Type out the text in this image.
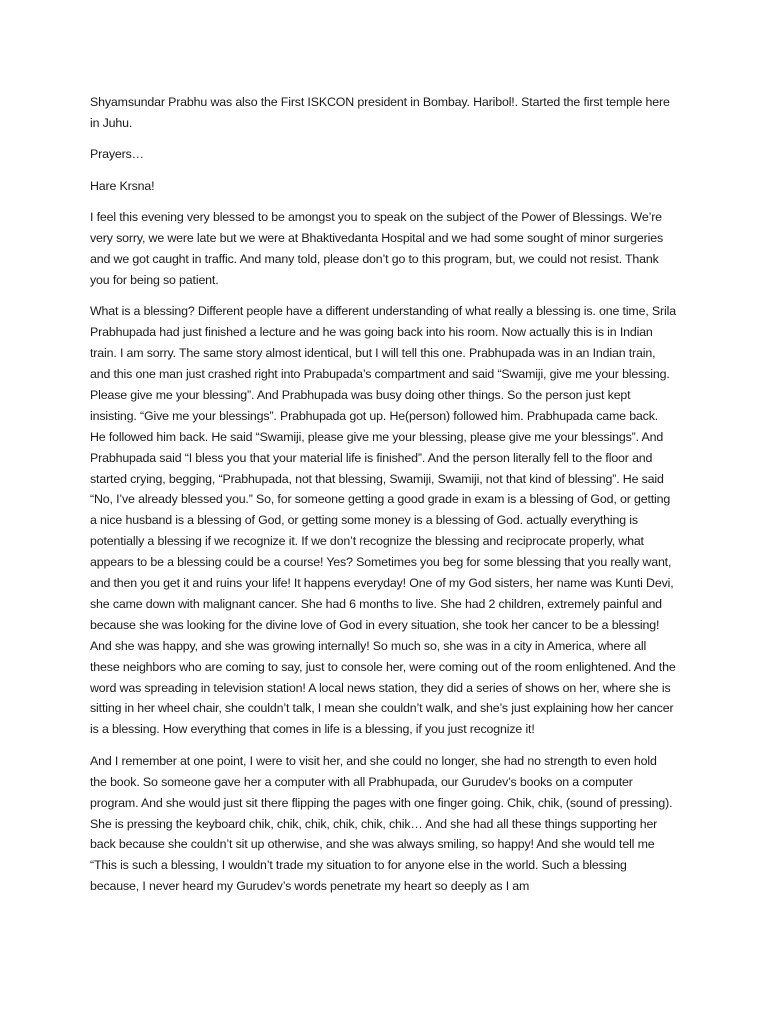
Shyamsundar Prabhu was also the First ISKCON president in Bombay. Haribol!. Started the first temple here in Juhu.

Prayers…

Hare Krsna!

I feel this evening very blessed to be amongst you to speak on the subject of the Power of Blessings. We’re very sorry, we were late but we were at Bhaktivedanta Hospital and we had some sought of minor surgeries and we got caught in traffic. And many told, please don’t go to this program, but, we could not resist. Thank you for being so patient.

What is a blessing? Different people have a different understanding of what really a blessing is. one time, Srila Prabhupada had just finished a lecture and he was going back into his room. Now actually this is in Indian train. I am sorry. The same story almost identical, but I will tell this one. Prabhupada was in an Indian train, and this one man just crashed right into Prabupada’s compartment and said “Swamiji, give me your blessing. Please give me your blessing”. And Prabhupada was busy doing other things. So the person just kept insisting. “Give me your blessings”. Prabhupada got up. He(person) followed him. Prabhupada came back. He followed him back. He said “Swamiji, please give me your blessing, please give me your blessings”. And Prabhupada said “I bless you that your material life is finished”. And the person literally fell to the floor and started crying, begging, “Prabhupada, not that blessing, Swamiji, Swamiji, not that kind of blessing”. He said “No, I’ve already blessed you.” So, for someone getting a good grade in exam is a blessing of God, or getting a nice husband is a blessing of God, or getting some money is a blessing of God. actually everything is potentially a blessing if we recognize it. If we don’t recognize the blessing and reciprocate properly, what appears to be a blessing could be a course! Yes? Sometimes you beg for some blessing that you really want, and then you get it and ruins your life! It happens everyday! One of my God sisters, her name was Kunti Devi, she came down with malignant cancer. She had 6 months to live. She had 2 children, extremely painful and because she was looking for the divine love of God in every situation, she took her cancer to be a blessing! And she was happy, and she was growing internally! So much so, she was in a city in America, where all these neighbors who are coming to say, just to console her, were coming out of the room enlightened. And the word was spreading in television station! A local news station, they did a series of shows on her, where she is sitting in her wheel chair, she couldn’t talk, I mean she couldn’t walk, and she’s just explaining how her cancer is a blessing. How everything that comes in life is a blessing, if you just recognize it!

And I remember at one point, I were to visit her, and she could no longer, she had no strength to even hold the book. So someone gave her a computer with all Prabhupada, our Gurudev’s books on a computer program. And she would just sit there flipping the pages with one finger going. Chik, chik, (sound of pressing). She is pressing the keyboard chik, chik, chik, chik, chik, chik… And she had all these things supporting her back because she couldn’t sit up otherwise, and she was always smiling, so happy! And she would tell me “This is such a blessing, I wouldn’t trade my situation to for anyone else in the world. Such a blessing because, I never heard my Gurudev’s words penetrate my heart so deeply as I am
